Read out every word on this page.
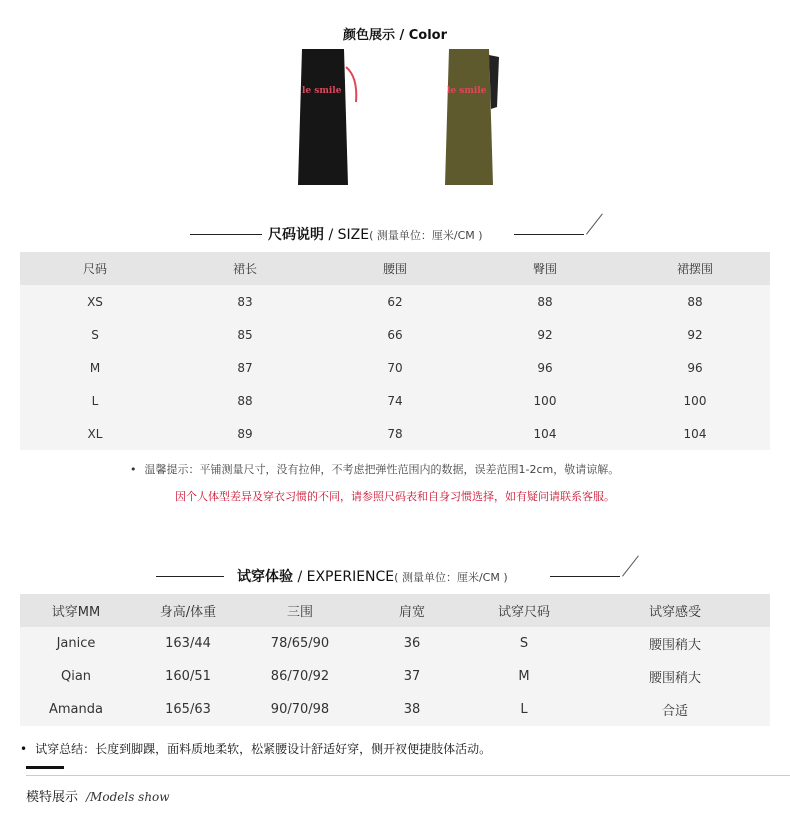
颜色展示 / Color
le smile	le smile
尺码说明 / SIZE( 测量单位：厘米/CM )
尺码	裙长	腰围	臀围	裙摆围
XS	83	62	88	88
S	85	66	92	92
M	87	70	96	96
L	88	74	100	100
XL	89	78	104	104
• 温馨提示：平铺测量尺寸，没有拉伸，不考虑把弹性范围内的数据，误差范围1-2cm，敬请谅解。
因个人体型差异及穿衣习惯的不同，请参照尺码表和自身习惯选择，如有疑问请联系客服。
试穿体验 / EXPERIENCE( 测量单位：厘米/CM )
试穿MM	身高/体重	三围	肩宽	试穿尺码	试穿感受
Janice	163/44	78/65/90	36	S	腰围稍大
Qian	160/51	86/70/92	37	M	腰围稍大
Amanda	165/63	90/70/98	38	L	合适
• 试穿总结：长度到脚踝，面料质地柔软，松紧腰设计舒适好穿，侧开衩便捷肢体活动。
模特展示 /Models show
